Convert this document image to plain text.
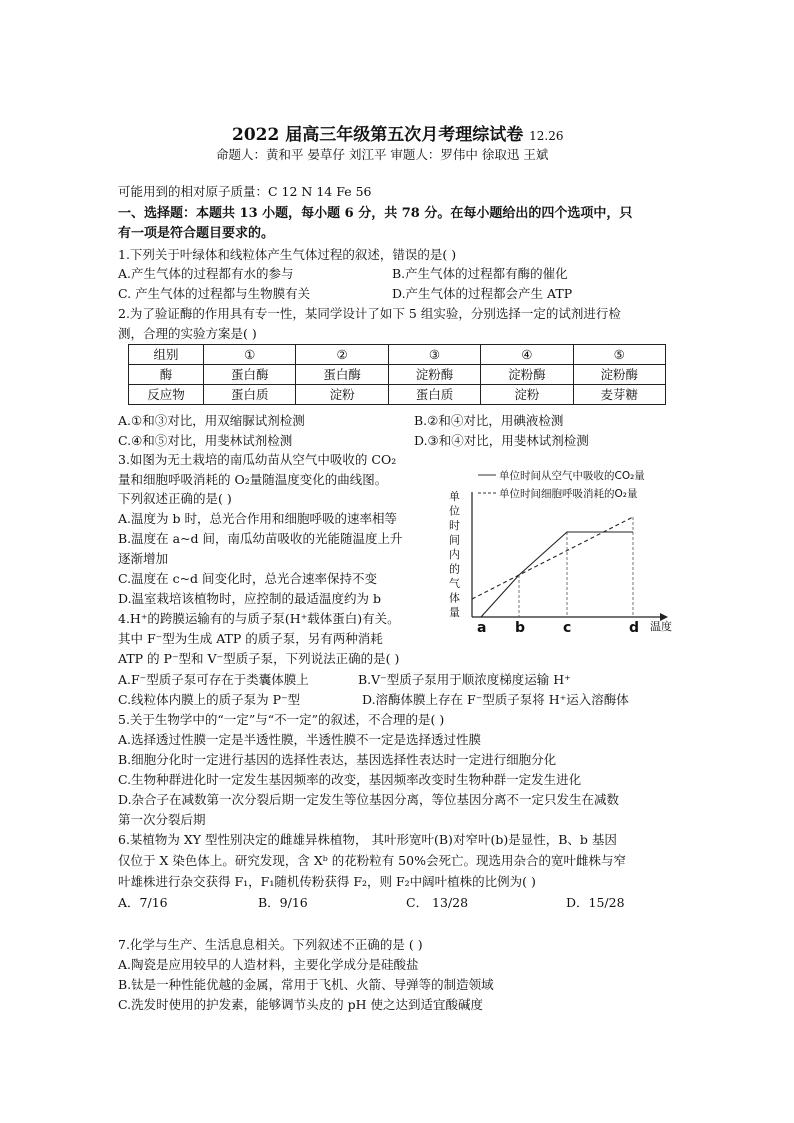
2022 届高三年级第五次月考理综试卷 12.26
命题人：黄和平 晏草仔 刘江平 审题人：罗伟中 徐取迅 王斌
可能用到的相对原子质量：C 12 N 14 Fe 56
一、选择题：本题共 13 小题，每小题 6 分，共 78 分。在每小题给出的四个选项中，只
有一项是符合题目要求的。
1.下列关于叶绿体和线粒体产生气体过程的叙述，错误的是( )
A.产生气体的过程都有水的参与	B.产生气体的过程都有酶的催化
C. 产生气体的过程都与生物膜有关	D.产生气体的过程都会产生 ATP
2.为了验证酶的作用具有专一性，某同学设计了如下 5 组实验，分别选择一定的试剂进行检
测，合理的实验方案是( )
组别	①	②	③	④	⑤
酶	蛋白酶	蛋白酶	淀粉酶	淀粉酶	淀粉酶
反应物	蛋白质	淀粉	蛋白质	淀粉	麦芽糖
A.①和③对比，用双缩脲试剂检测	B.②和④对比，用碘液检测
C.④和⑤对比，用斐林试剂检测	D.③和④对比，用斐林试剂检测
3.如图为无土栽培的南瓜幼苗从空气中吸收的 CO₂
量和细胞呼吸消耗的 O₂量随温度变化的曲线图。
下列叙述正确的是( )
A.温度为 b 时，总光合作用和细胞呼吸的速率相等
B.温度在 a~d 间，南瓜幼苗吸收的光能随温度上升
逐渐增加
C.温度在 c~d 间变化时，总光合速率保持不变
D.温室栽培该植物时，应控制的最适温度约为 b
单位时间从空气中吸收的CO₂量
单位时间细胞呼吸消耗的O₂量
单
位
时
间
内
的
气
体
量
温度
a b	c	d
4.H⁺的跨膜运输有的与质子泵(H⁺载体蛋白)有关。
其中 F⁻型为生成 ATP 的质子泵，另有两种消耗
ATP 的 P⁻型和 V⁻型质子泵，下列说法正确的是( )
A.F⁻型质子泵可存在于类囊体膜上	B.V⁻型质子泵用于顺浓度梯度运输 H⁺
C.线粒体内膜上的质子泵为 P⁻型	D.溶酶体膜上存在 F⁻型质子泵将 H⁺运入溶酶体
5.关于生物学中的“一定”与“不一定”的叙述，不合理的是( )
A.选择透过性膜一定是半透性膜，半透性膜不一定是选择透过性膜
B.细胞分化时一定进行基因的选择性表达，基因选择性表达时一定进行细胞分化
C.生物种群进化时一定发生基因频率的改变，基因频率改变时生物种群一定发生进化
D.杂合子在减数第一次分裂后期一定发生等位基因分离，等位基因分离不一定只发生在减数
第一次分裂后期
6.某植物为 XY 型性别决定的雌雄异株植物， 其叶形宽叶(B)对窄叶(b)是显性，B、b 基因
仅位于 X 染色体上。研究发现，含 Xᵇ 的花粉粒有 50%会死亡。现选用杂合的宽叶雌株与窄
叶雄株进行杂交获得 F₁，F₁随机传粉获得 F₂，则 F₂中阔叶植株的比例为( )
A．7/16	B．9/16	C． 13/28	D．15/28
7.化学与生产、生活息息相关。下列叙述不正确的是 ( )
A.陶瓷是应用较早的人造材料，主要化学成分是硅酸盐
B.钛是一种性能优越的金属，常用于飞机、火箭、导弹等的制造领域
C.洗发时使用的护发素，能够调节头皮的 pH 使之达到适宜酸碱度
